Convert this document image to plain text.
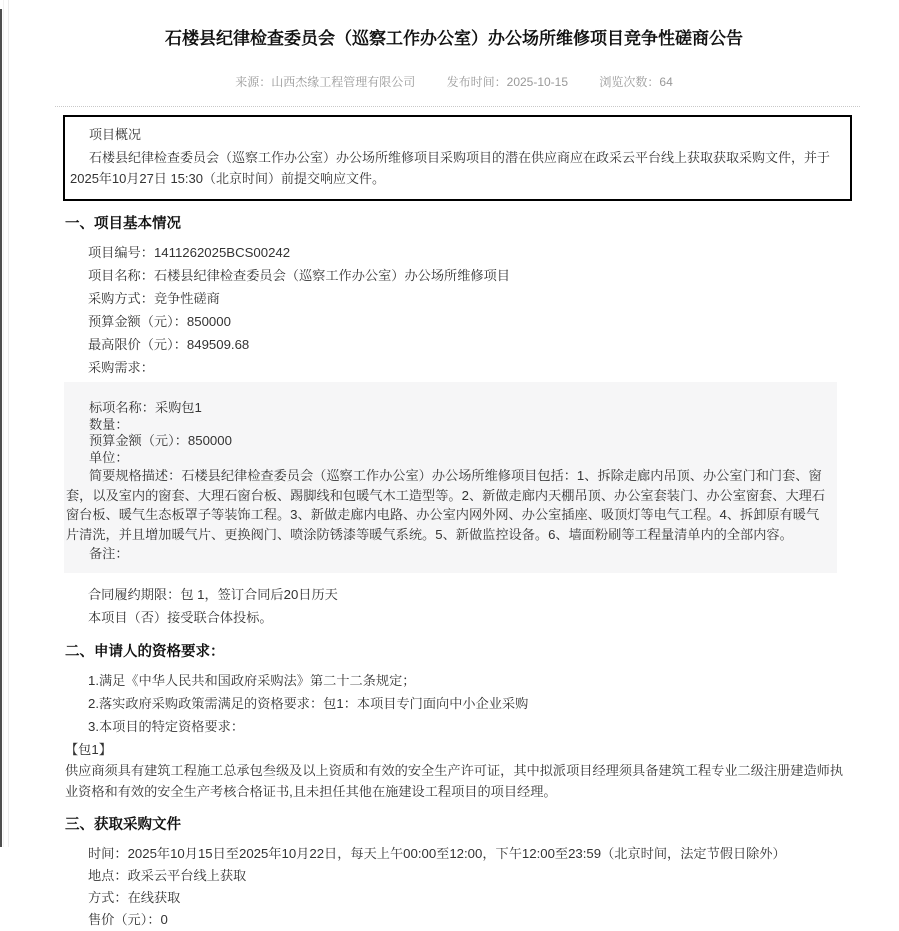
石楼县纪律检查委员会（巡察工作办公室）办公场所维修项目竞争性磋商公告
来源：山西杰缘工程管理有限公司	发布时间：2025-10-15	浏览次数：64
项目概况

石楼县纪律检查委员会（巡察工作办公室）办公场所维修项目采购项目的潜在供应商应在政采云平台线上获取获取采购文件，并于2025年10月27日 15:30（北京时间）前提交响应文件。

一、项目基本情况
项目编号：1411262025BCS00242
项目名称：石楼县纪律检查委员会（巡察工作办公室）办公场所维修项目
采购方式：竞争性磋商
预算金额（元）：850000
最高限价（元）：849509.68
采购需求：
标项名称：采购包1
数量：
预算金额（元）：850000
单位：

简要规格描述：石楼县纪律检查委员会（巡察工作办公室）办公场所维修项目包括：1、拆除走廊内吊顶、办公室门和门套、窗套，以及室内的窗套、大理石窗台板、踢脚线和包暖气木工造型等。2、新做走廊内天棚吊顶、办公室套装门、办公室窗套、大理石窗台板、暖气生态板罩子等装饰工程。3、新做走廊内电路、办公室内网外网、办公室插座、吸顶灯等电气工程。4、拆卸原有暖气片清洗，并且增加暖气片、更换阀门、喷涂防锈漆等暖气系统。5、新做监控设备。6、墙面粉刷等工程量清单内的全部内容。

备注：
合同履约期限：包 1，签订合同后20日历天
本项目（否）接受联合体投标。
二、申请人的资格要求：
1.满足《中华人民共和国政府采购法》第二十二条规定；
2.落实政府采购政策需满足的资格要求：包1：本项目专门面向中小企业采购
3.本项目的特定资格要求：
【包1】

供应商须具有建筑工程施工总承包叁级及以上资质和有效的安全生产许可证，其中拟派项目经理须具备建筑工程专业二级注册建造师执业资格和有效的安全生产考核合格证书,且未担任其他在施建设工程项目的项目经理。

三、获取采购文件
时间：2025年10月15日至2025年10月22日，每天上午00:00至12:00，下午12:00至23:59（北京时间，法定节假日除外）
地点：政采云平台线上获取
方式：在线获取
售价（元）：0
